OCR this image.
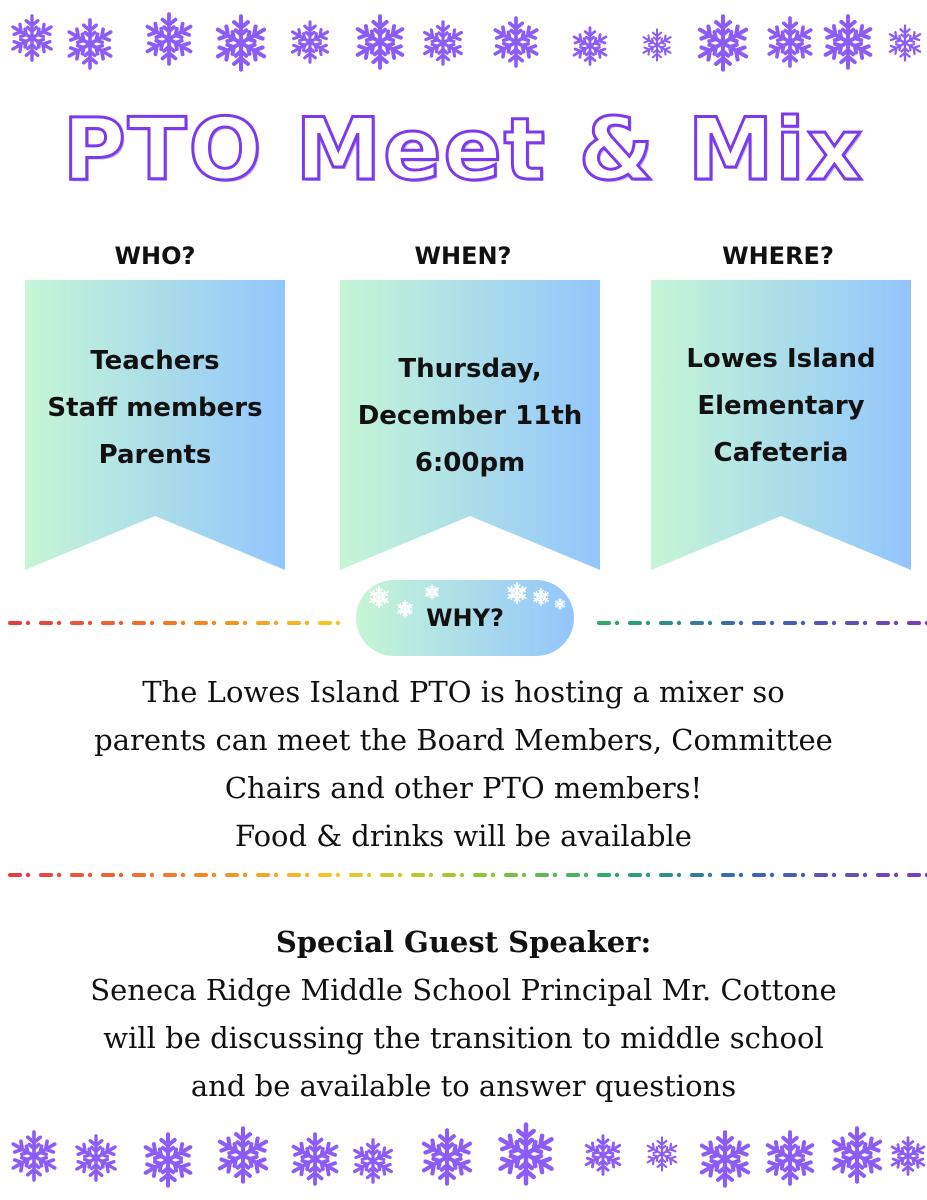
PTO Meet & Mix
WHO?	WHEN?	WHERE?
Teachers
Staff members
Parents
Thursday,
December 11th
6:00pm
Lowes Island
Elementary
Cafeteria
WHY?
The Lowes Island PTO is hosting a mixer so
parents can meet the Board Members, Committee
Chairs and other PTO members!
Food & drinks will be available
Special Guest Speaker:
Seneca Ridge Middle School Principal Mr. Cottone
will be discussing the transition to middle school
and be available to answer questions
